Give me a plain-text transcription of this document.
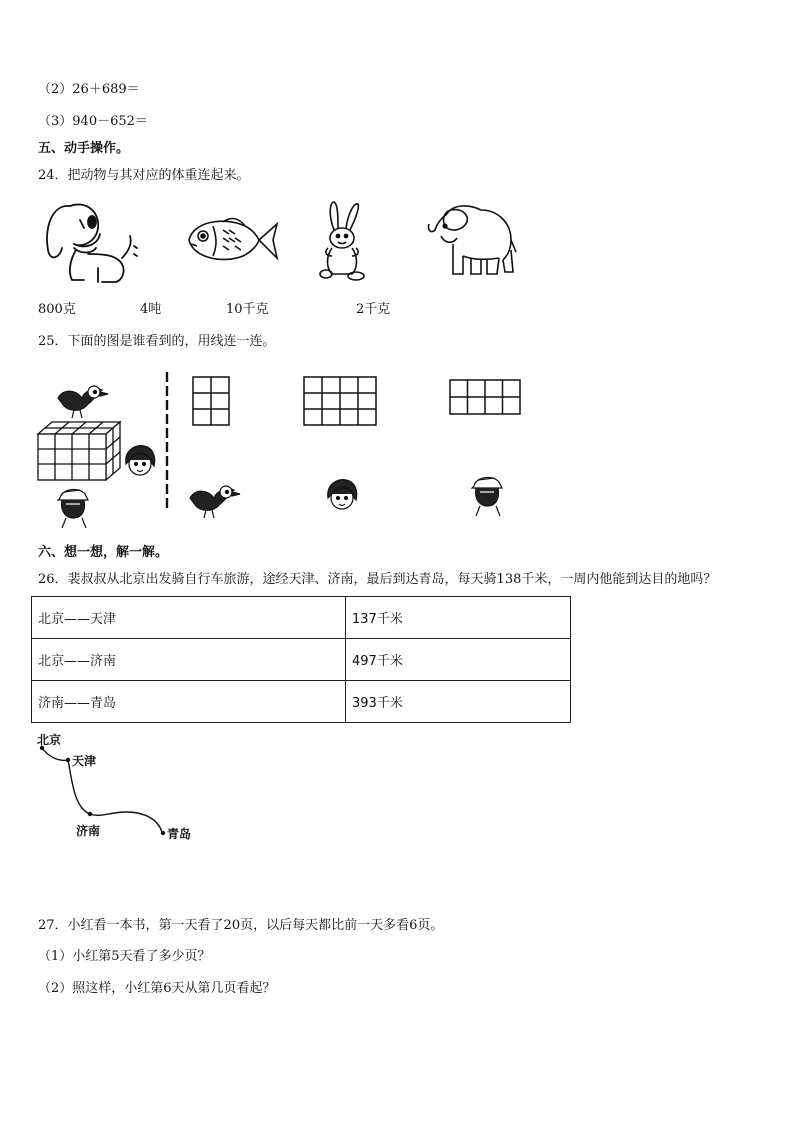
（2）26＋689＝
（3）940－652＝
五、动手操作。
24．把动物与其对应的体重连起来。
800克	4吨	10千克	2千克
25．下面的图是谁看到的，用线连一连。
六、想一想，解一解。
26．裴叔叔从北京出发骑自行车旅游，途经天津、济南，最后到达青岛，每天骑138千米，一周内他能到达目的地吗？
北京——天津	137千米
北京——济南	497千米
济南——青岛	393千米
北京
天津
济南	青岛
27．小红看一本书，第一天看了20页，以后每天都比前一天多看6页。
（1）小红第5天看了多少页？
（2）照这样，小红第6天从第几页看起？
